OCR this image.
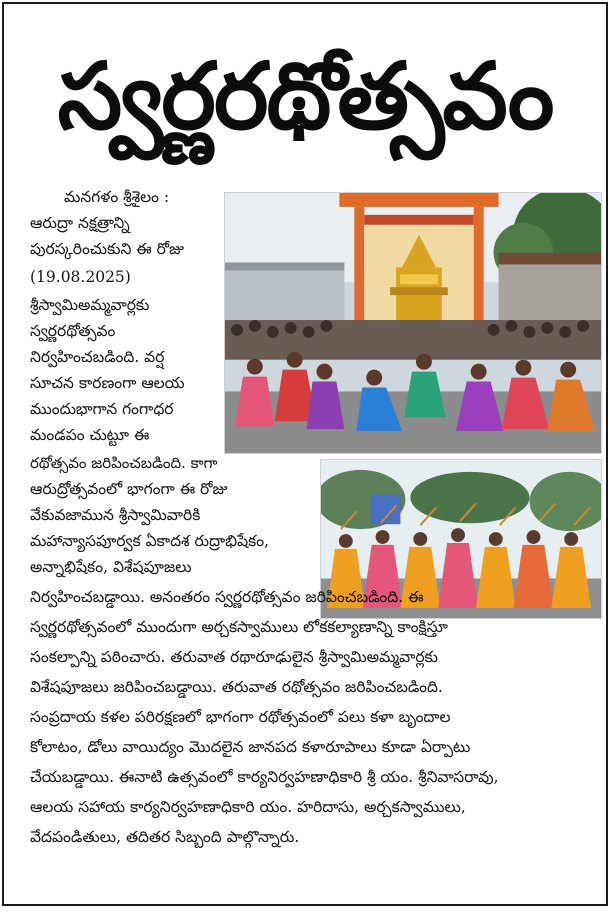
స్వర్ణరథోత్సవం
మనగళం శ్రీశైలం :
ఆరుద్రా నక్షత్రాన్ని
పురస్కరించుకుని ఈ రోజు
(19.08.2025)
శ్రీస్వామిఅమ్మవార్లకు
స్వర్ణరథోత్సవం
నిర్వహించబడింది. వర్ష
సూచన కారణంగా ఆలయ
ముందుభాగాన గంగాధర
మండపం చుట్టూ ఈ
రథోత్సవం జరిపించబడింది. కాగా
ఆరుద్రోత్సవంలో భాగంగా ఈ రోజు
వేకువజామున శ్రీస్వామివారికి
మహాన్యాసపూర్వక ఏకాదశ రుద్రాభిషేకం,
అన్నాభిషేకం, విశేషపూజలు
నిర్వహించబడ్డాయి. అనంతరం స్వర్ణరథోత్సవం జరిపించబడింది. ఈ
స్వర్ణరథోత్సవంలో ముందుగా అర్చకస్వాములు లోకకల్యాణాన్ని కాంక్షిస్తూ
సంకల్పాన్ని పఠించారు. తరువాత రథారూఢులైన శ్రీస్వామిఅమ్మవార్లకు
విశేషపూజలు జరిపించబడ్డాయి. తరువాత రథోత్సవం జరిపించబడింది.
సంప్రదాయ కళల పరిరక్షణలో భాగంగా రథోత్సవంలో పలు కళా బృందాల
కోలాటం, డోలు వాయిద్యం మొదలైన జానపద కళారూపాలు కూడా ఏర్పాటు
చేయబడ్డాయి. ఈనాటి ఉత్సవంలో కార్యనిర్వహణాధికారి శ్రీ యం. శ్రీనివాసరావు,
ఆలయ సహాయ కార్యనిర్వహణాధికారి యం. హరిదాసు, అర్చకస్వాములు,
వేదపండితులు, తదితర సిబ్బంది పాల్గొన్నారు.
